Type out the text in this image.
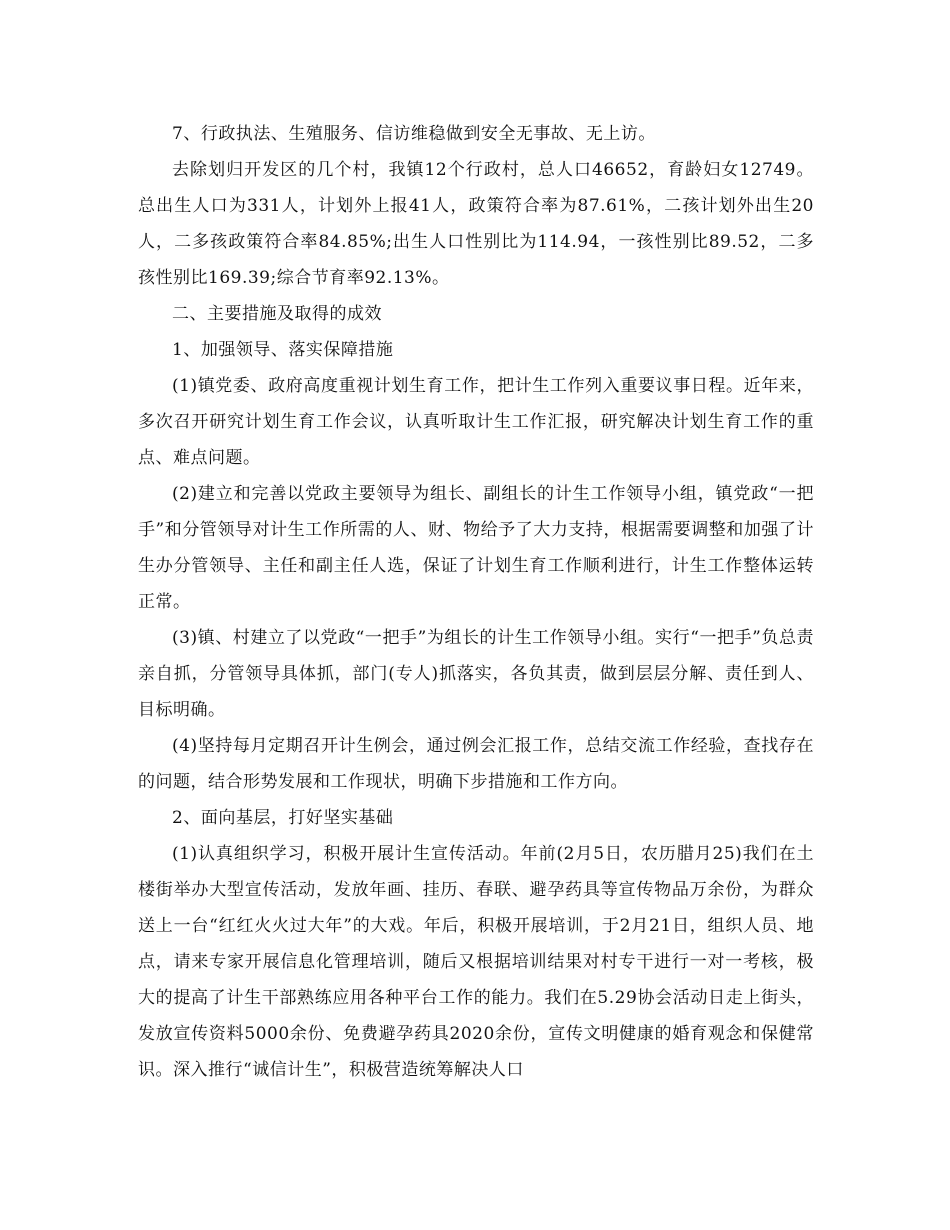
7、行政执法、生殖服务、信访维稳做到安全无事故、无上访。

去除划归开发区的几个村，我镇12个行政村，总人口46652，育龄妇女12749。总出生人口为331人，计划外上报41人，政策符合率为87.61%，二孩计划外出生20人，二多孩政策符合率84.85%;出生人口性别比为114.94，一孩性别比89.52，二多孩性别比169.39;综合节育率92.13%。

二、主要措施及取得的成效

1、加强领导、落实保障措施

(1)镇党委、政府高度重视计划生育工作，把计生工作列入重要议事日程。近年来，多次召开研究计划生育工作会议，认真听取计生工作汇报，研究解决计划生育工作的重点、难点问题。

(2)建立和完善以党政主要领导为组长、副组长的计生工作领导小组，镇党政“一把手”和分管领导对计生工作所需的人、财、物给予了大力支持，根据需要调整和加强了计生办分管领导、主任和副主任人选，保证了计划生育工作顺利进行，计生工作整体运转正常。

(3)镇、村建立了以党政“一把手”为组长的计生工作领导小组。实行“一把手”负总责亲自抓，分管领导具体抓，部门(专人)抓落实，各负其责，做到层层分解、责任到人、目标明确。

(4)坚持每月定期召开计生例会，通过例会汇报工作，总结交流工作经验，查找存在的问题，结合形势发展和工作现状，明确下步措施和工作方向。

2、面向基层，打好坚实基础

(1)认真组织学习，积极开展计生宣传活动。年前(2月5日，农历腊月25)我们在土楼街举办大型宣传活动，发放年画、挂历、春联、避孕药具等宣传物品万余份，为群众送上一台“红红火火过大年”的大戏。年后，积极开展培训，于2月21日，组织人员、地点，请来专家开展信息化管理培训，随后又根据培训结果对村专干进行一对一考核，极大的提高了计生干部熟练应用各种平台工作的能力。我们在5.29协会活动日走上街头，发放宣传资料5000余份、免费避孕药具2020余份，宣传文明健康的婚育观念和保健常识。深入推行“诚信计生”，积极营造统筹解决人口
